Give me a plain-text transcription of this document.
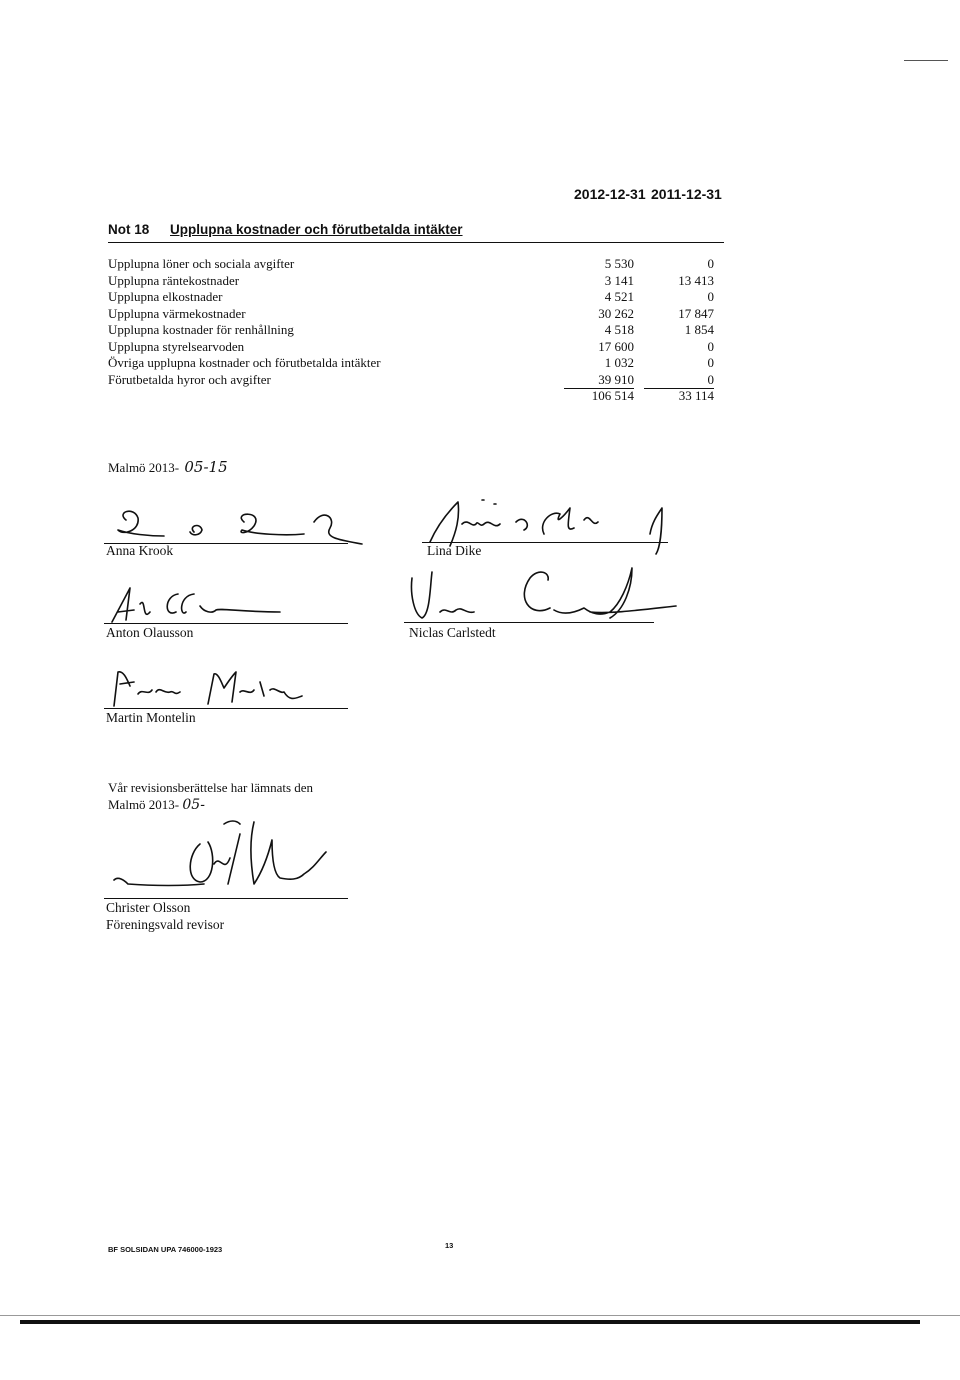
2012-12-31 2011-12-31
Not 18 Upplupna kostnader och förutbetalda intäkter
Upplupna löner och sociala avgifter	5 530	0
Upplupna räntekostnader	3 141	13 413
Upplupna elkostnader	4 521	0
Upplupna värmekostnader	30 262	17 847
Upplupna kostnader för renhållning	4 518	1 854
Upplupna styrelsearvoden	17 600	0
Övriga upplupna kostnader och förutbetalda intäkter	1 032	0
Förutbetalda hyror och avgifter	39 910	0
106 514	33 114
Malmö 2013- 05-15
Anna Krook	Lina Dike
Anton Olausson	Niclas Carlstedt
Martin Montelin
Vår revisionsberättelse har lämnats den
Malmö 2013- 05-
Christer Olsson
Föreningsvald revisor
BF SOLSIDAN UPA 746000-1923	13
